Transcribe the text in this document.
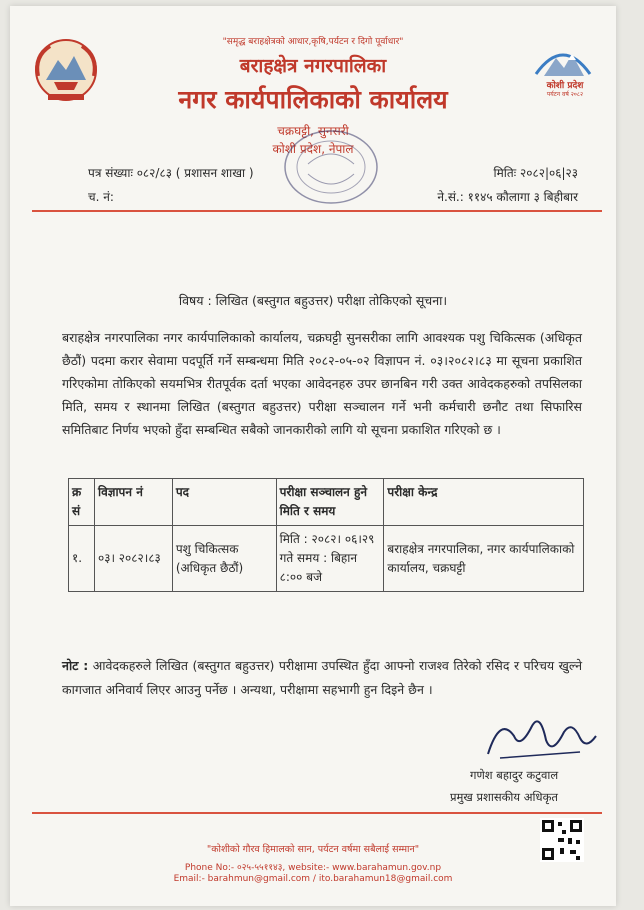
"समृद्ध बराहक्षेत्रको आधार,कृषि,पर्यटन र दिगो पूर्वाधार"
बराहक्षेत्र नगरपालिका
नगर कार्यपालिकाको कार्यालय
चक्रघट्टी, सुनसरी
कोशी प्रदेश, नेपाल
कोशी प्रदेश
पर्यटन वर्ष २०८२
पत्र संख्याः ०८२/८३ ( प्रशासन शाखा )
च. नं:
मितिः २०८२|०६|२३
ने.सं.: ११४५ कौलागा ३ बिहीबार
विषय : लिखित (बस्तुगत बहुउत्तर) परीक्षा तोकिएको सूचना।
बराहक्षेत्र नगरपालिका नगर कार्यपालिकाको कार्यालय, चक्रघट्टी सुनसरीका लागि आवश्यक पशु चिकित्सक (अधिकृत छैठौं) पदमा करार सेवामा पदपूर्ति गर्ने सम्बन्धमा मिति २०८२-०५-०२ विज्ञापन नं. ०३।२०८२।८३ मा सूचना प्रकाशित गरिएकोमा तोकिएको सयमभित्र रीतपूर्वक दर्ता भएका आवेदनहरु उपर छानबिन गरी उक्त आवेदकहरुको तपसिलका मिति, समय र स्थानमा लिखित (बस्तुगत बहुउत्तर) परीक्षा सञ्चालन गर्ने भनी कर्मचारी छनौट तथा सिफारिस समितिबाट निर्णय भएको हुँदा सम्बन्धित सबैको जानकारीको लागि यो सूचना प्रकाशित गरिएको छ ।
क्र सं	विज्ञापन नं	पद	परीक्षा सञ्चालन हुने मिति र समय	परीक्षा केन्द्र
१.	०३। २०८२।८३	पशु चिकित्सक (अधिकृत छैठौं)	मिति : २०८२। ०६।२९ गते समय : बिहान ८:०० बजे	बराहक्षेत्र नगरपालिका, नगर कार्यपालिकाको कार्यालय, चक्रघट्टी
नोट : आवेदकहरुले लिखित (बस्तुगत बहुउत्तर) परीक्षामा उपस्थित हुँदा आफ्नो राजश्व तिरेको रसिद र परिचय खुल्ने कागजात अनिवार्य लिएर आउनु पर्नेछ । अन्यथा, परीक्षामा सहभागी हुन दिइने छैन ।
गणेश बहादुर कटुवाल
प्रमुख प्रशासकीय अधिकृत
"कोशीको गौरव हिमालको सान, पर्यटन वर्षमा सबैलाई सम्मान"
Phone No:- ०२५-५५११४३, website:- www.barahamun.gov.np
Email:- barahmun@gmail.com / ito.barahamun18@gmail.com
